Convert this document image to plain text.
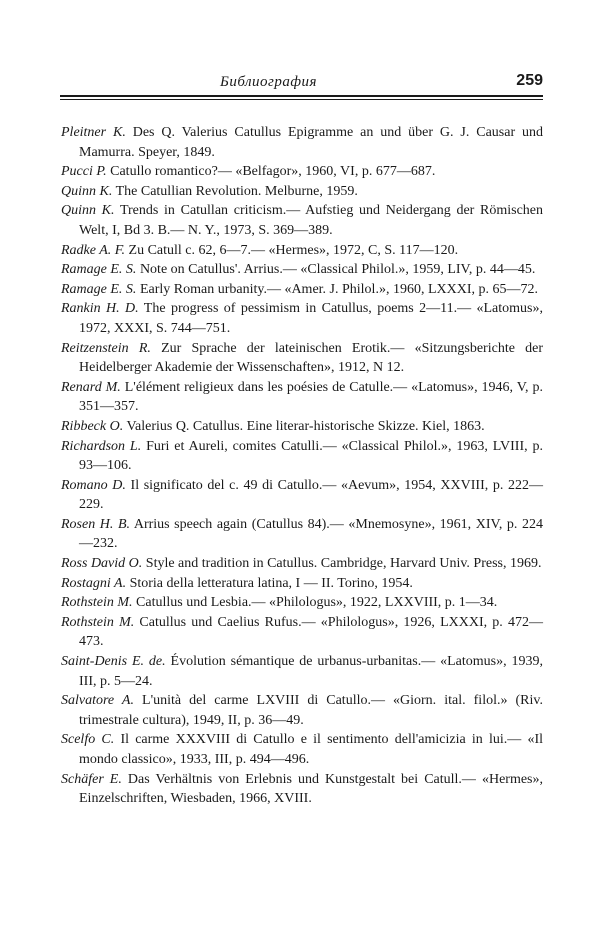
Библиография	259

Pleitner K. Des Q. Valerius Catullus Epigramme an und über G. J. Causar und Mamurra. Speyer, 1849.

Pucci P. Catullo romantico?— «Belfagor», 1960, VI, p. 677—687.

Quinn K. The Catullian Revolution. Melburne, 1959.

Quinn K. Trends in Catullan criticism.— Aufstieg und Neidergang der Römischen Welt, I, Bd 3. B.— N. Y., 1973, S. 369—389.

Radke A. F. Zu Catull c. 62, 6—7.— «Hermes», 1972, C, S. 117—120.

Ramage E. S. Note on Catullus'. Arrius.— «Classical Philol.», 1959, LIV, p. 44—45.

Ramage E. S. Early Roman urbanity.— «Amer. J. Philol.», 1960, LXXXI, p. 65—72.

Rankin H. D. The progress of pessimism in Catullus, poems 2—11.— «Latomus», 1972, XXXI, S. 744—751.

Reitzenstein R. Zur Sprache der lateinischen Erotik.— «Sitzungsberichte der Heidelberger Akademie der Wissenschaften», 1912, N 12.

Renard M. L'élément religieux dans les poésies de Catulle.— «Latomus», 1946, V, p. 351—357.

Ribbeck O. Valerius Q. Catullus. Eine literar-historische Skizze. Kiel, 1863.

Richardson L. Furi et Aureli, comites Catulli.— «Classical Philol.», 1963, LVIII, p. 93—106.

Romano D. Il significato del c. 49 di Catullo.— «Aevum», 1954, XXVIII, p. 222—229.

Rosen H. B. Arrius speech again (Catullus 84).— «Mnemosyne», 1961, XIV, p. 224—232.

Ross David O. Style and tradition in Catullus. Cambridge, Harvard Univ. Press, 1969.

Rostagni A. Storia della letteratura latina, I — II. Torino, 1954.

Rothstein M. Catullus und Lesbia.— «Philologus», 1922, LXXVIII, p. 1—34.

Rothstein M. Catullus und Caelius Rufus.— «Philologus», 1926, LXXXI, p. 472—473.

Saint-Denis E. de. Évolution sémantique de urbanus-urbanitas.— «Latomus», 1939, III, p. 5—24.

Salvatore A. L'unità del carme LXVIII di Catullo.— «Giorn. ital. filol.» (Riv. trimestrale cultura), 1949, II, p. 36—49.

Scelfo C. Il carme XXXVIII di Catullo e il sentimento dell'amicizia in lui.— «Il mondo classico», 1933, III, p. 494—496.

Schäfer E. Das Verhältnis von Erlebnis und Kunstgestalt bei Catull.— «Hermes», Einzelschriften, Wiesbaden, 1966, XVIII.
